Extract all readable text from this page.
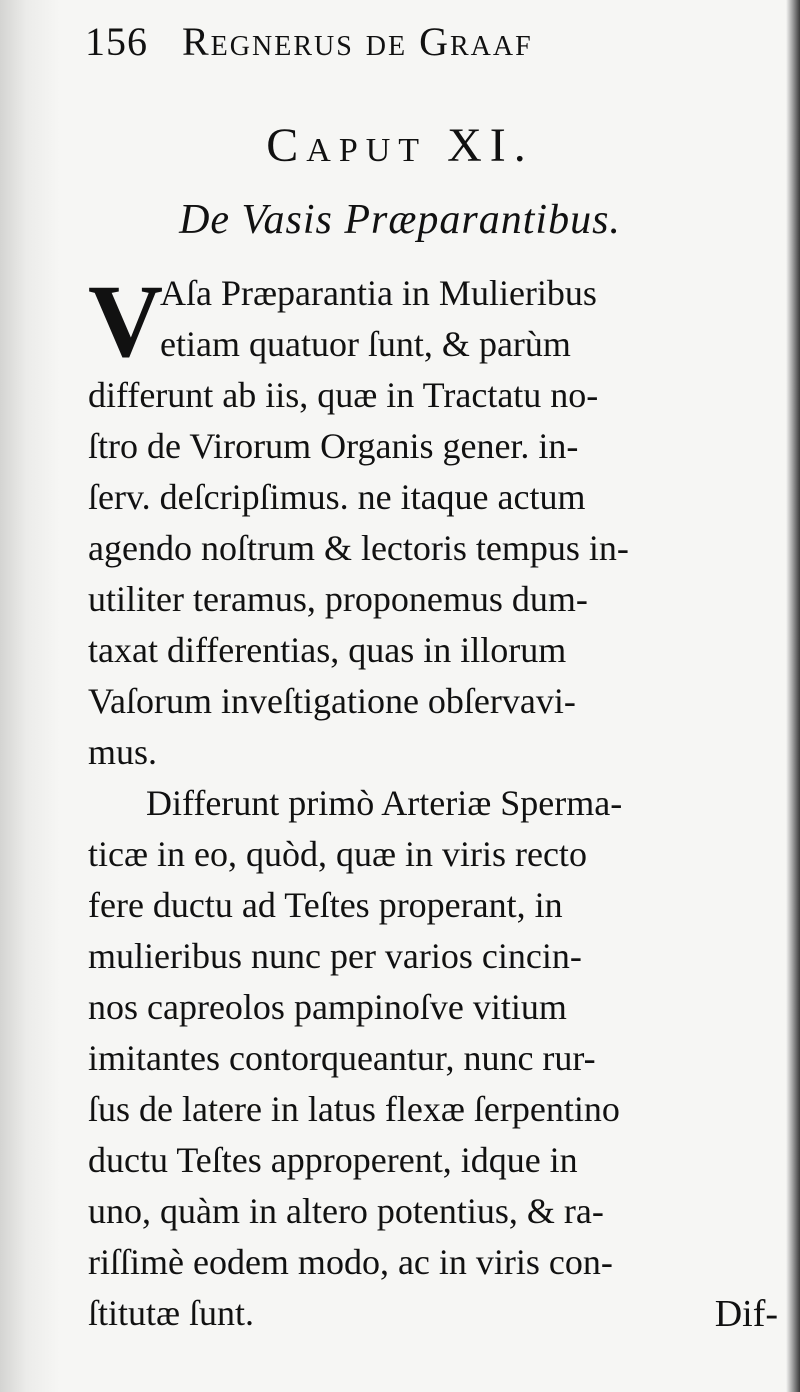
156 Regnerus de Graaf
Caput XI.
De Vasis Præparantibus.
V
Aſa Præparantia in Mulieribus
etiam quatuor ſunt, & parùm
differunt ab iis, quæ in Tractatu no-
ſtro de Virorum Organis gener. in-
ſerv. deſcripſimus. ne itaque actum
agendo noſtrum & lectoris tempus in-
utiliter teramus, proponemus dum-
taxat differentias, quas in illorum
Vaſorum inveſtigatione obſervavi-
mus.
Differunt primò Arteriæ Sperma-
ticæ in eo, quòd, quæ in viris recto
fere ductu ad Teſtes properant, in
mulieribus nunc per varios cincin-
nos capreolos pampinoſve vitium
imitantes contorqueantur, nunc rur-
ſus de latere in latus flexæ ſerpentino
ductu Teſtes approperent, idque in
uno, quàm in altero potentius, & ra-
riſſimè eodem modo, ac in viris con-
ſtitutæ ſunt.	Dif-
